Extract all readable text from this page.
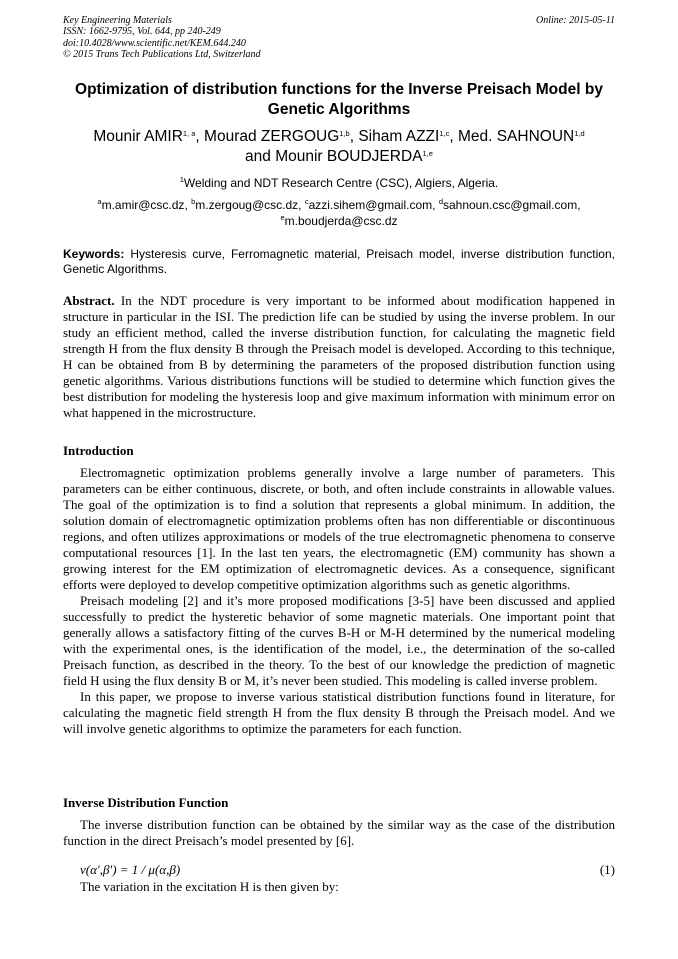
Key Engineering Materials
ISSN: 1662-9795, Vol. 644, pp 240-249
doi:10.4028/www.scientific.net/KEM.644.240
© 2015 Trans Tech Publications Ltd, Switzerland
Online: 2015-05-11
Optimization of distribution functions for the Inverse Preisach Model by Genetic Algorithms
Mounir AMIR$^{1, a}$, Mourad ZERGOUG$^{1,b}$, Siham AZZI$^{1,c}$, Med. SAHNOUN$^{1,d}$
and Mounir BOUDJERDA$^{1,e}$
$^1$Welding and NDT Research Centre (CSC), Algiers, Algeria.
$^a$m.amir@csc.dz, $^b$m.zergoug@csc.dz, $^c$azzi.sihem@gmail.com, $^d$sahnoun.csc@gmail.com,
$^e$m.boudjerda@csc.dz
Keywords: Hysteresis curve, Ferromagnetic material, Preisach model, inverse distribution function, Genetic Algorithms.
Abstract. In the NDT procedure is very important to be informed about modification happened in structure in particular in the ISI. The prediction life can be studied by using the inverse problem. In our study an efficient method, called the inverse distribution function, for calculating the magnetic field strength H from the flux density B through the Preisach model is developed. According to this technique, H can be obtained from B by determining the parameters of the proposed distribution function using genetic algorithms. Various distributions functions will be studied to determine which function gives the best distribution for modeling the hysteresis loop and give maximum information with minimum error on what happened in the microstructure.
Introduction

Electromagnetic optimization problems generally involve a large number of parameters. This parameters can be either continuous, discrete, or both, and often include constraints in allowable values. The goal of the optimization is to find a solution that represents a global minimum. In addition, the solution domain of electromagnetic optimization problems often has non differentiable or discontinuous regions, and often utilizes approximations or models of the true electromagnetic phenomena to conserve computational resources [1]. In the last ten years, the electromagnetic (EM) community has shown a growing interest for the EM optimization of electromagnetic devices. As a consequence, significant efforts were deployed to develop competitive optimization algorithms such as genetic algorithms.

Preisach modeling [2] and it’s more proposed modifications [3-5] have been discussed and applied successfully to predict the hysteretic behavior of some magnetic materials. One important point that generally allows a satisfactory fitting of the curves B-H or M-H determined by the numerical modeling with the experimental ones, is the identification of the model, i.e., the determination of the so-called Preisach function, as described in the theory. To the best of our knowledge the prediction of magnetic field H using the flux density B or M, it’s never been studied. This modeling is called inverse problem.

In this paper, we propose to inverse various statistical distribution functions found in literature, for calculating the magnetic field strength H from the flux density B through the Preisach model. And we will involve genetic algorithms to optimize the parameters for each function.

Inverse Distribution Function

The inverse distribution function can be obtained by the similar way as the case of the distribution function in the direct Preisach’s model presented by [6].

ν(α',β') = 1 / μ(α,β)	(1)
The variation in the excitation H is then given by:
